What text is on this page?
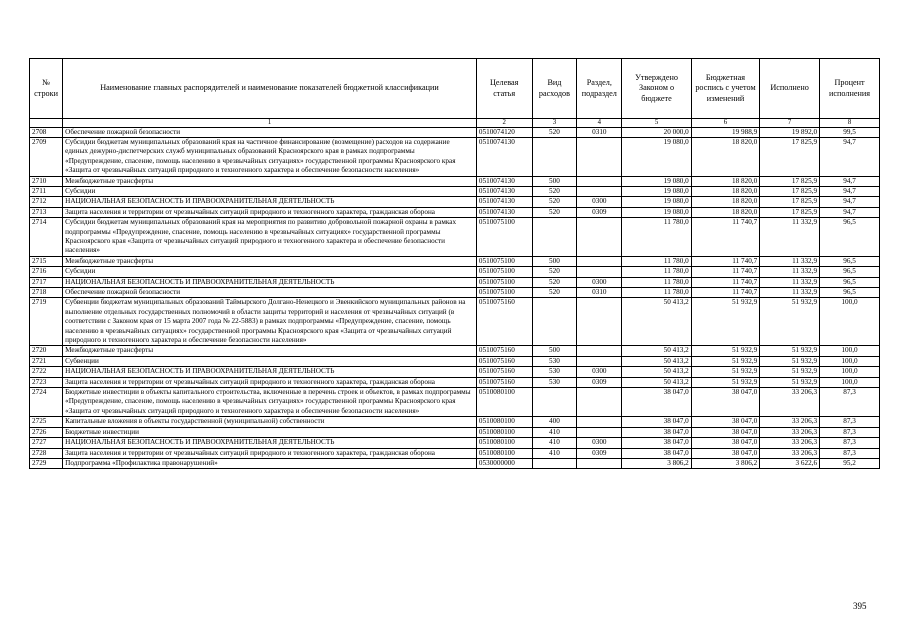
№ строки	Наименование главных распорядителей и наименование показателей бюджетной классификации	Целевая статья	Вид расходов	Раздел, подраздел	Утверждено Законом о бюджете	Бюджетная роспись с учетом изменений	Исполнено	Процент исполнения
	1	2	3	4	5	6	7	8
2708	Обеспечение пожарной безопасности	0510074120	520	0310	20 000,0	19 988,9	19 892,0	99,5
2709	Субсидии бюджетам муниципальных образований края на частичное финансирование (возмещение) расходов на содержание единых дежурно-диспетчерских служб муниципальных образований Красноярского края в рамках подпрограммы «Предупреждение, спасение, помощь населению в чрезвычайных ситуациях» государственной программы Красноярского края «Защита от чрезвычайных ситуаций природного и техногенного характера и обеспечение безопасности населения»	0510074130			19 080,0	18 820,0	17 825,9	94,7
2710	Межбюджетные трансферты	0510074130	500		19 080,0	18 820,0	17 825,9	94,7
2711	Субсидии	0510074130	520		19 080,0	18 820,0	17 825,9	94,7
2712	НАЦИОНАЛЬНАЯ БЕЗОПАСНОСТЬ И ПРАВООХРАНИТЕЛЬНАЯ ДЕЯТЕЛЬНОСТЬ	0510074130	520	0300	19 080,0	18 820,0	17 825,9	94,7
2713	Защита населения и территории от чрезвычайных ситуаций природного и техногенного характера, гражданская оборона	0510074130	520	0309	19 080,0	18 820,0	17 825,9	94,7
2714	Субсидии бюджетам муниципальных образований края на мероприятия по развитию добровольной пожарной охраны в рамках подпрограммы «Предупреждение, спасение, помощь населению в чрезвычайных ситуациях» государственной программы Красноярского края «Защита от чрезвычайных ситуаций природного и техногенного характера и обеспечение безопасности населения»	0510075100			11 780,0	11 740,7	11 332,9	96,5
2715	Межбюджетные трансферты	0510075100	500		11 780,0	11 740,7	11 332,9	96,5
2716	Субсидии	0510075100	520		11 780,0	11 740,7	11 332,9	96,5
2717	НАЦИОНАЛЬНАЯ БЕЗОПАСНОСТЬ И ПРАВООХРАНИТЕЛЬНАЯ ДЕЯТЕЛЬНОСТЬ	0510075100	520	0300	11 780,0	11 740,7	11 332,9	96,5
2718	Обеспечение пожарной безопасности	0510075100	520	0310	11 780,0	11 740,7	11 332,9	96,5
2719	Субвенции бюджетам муниципальных образований Таймырского Долгано-Ненецкого и Эвенкийского муниципальных районов на выполнение отдельных государственных полномочий в области защиты территорий и населения от чрезвычайных ситуаций (в соответствии с Законом края от 15 марта 2007 года № 22-5883) в рамках подпрограммы «Предупреждение, спасение, помощь населению в чрезвычайных ситуациях» государственной программы Красноярского края «Защита от чрезвычайных ситуаций природного и техногенного характера и обеспечение безопасности населения»	0510075160			50 413,2	51 932,9	51 932,9	100,0
2720	Межбюджетные трансферты	0510075160	500		50 413,2	51 932,9	51 932,9	100,0
2721	Субвенции	0510075160	530		50 413,2	51 932,9	51 932,9	100,0
2722	НАЦИОНАЛЬНАЯ БЕЗОПАСНОСТЬ И ПРАВООХРАНИТЕЛЬНАЯ ДЕЯТЕЛЬНОСТЬ	0510075160	530	0300	50 413,2	51 932,9	51 932,9	100,0
2723	Защита населения и территории от чрезвычайных ситуаций природного и техногенного характера, гражданская оборона	0510075160	530	0309	50 413,2	51 932,9	51 932,9	100,0
2724	Бюджетные инвестиции в объекты капитального строительства, включенные в перечень строек и объектов, в рамках подпрограммы «Предупреждение, спасение, помощь населению в чрезвычайных ситуациях» государственной программы Красноярского края «Защита от чрезвычайных ситуаций природного и техногенного характера и обеспечение безопасности населения»	0510080100			38 047,0	38 047,0	33 206,3	87,3
2725	Капитальные вложения в объекты государственной (муниципальной) собственности	0510080100	400		38 047,0	38 047,0	33 206,3	87,3
2726	Бюджетные инвестиции	0510080100	410		38 047,0	38 047,0	33 206,3	87,3
2727	НАЦИОНАЛЬНАЯ БЕЗОПАСНОСТЬ И ПРАВООХРАНИТЕЛЬНАЯ ДЕЯТЕЛЬНОСТЬ	0510080100	410	0300	38 047,0	38 047,0	33 206,3	87,3
2728	Защита населения и территории от чрезвычайных ситуаций природного и техногенного характера, гражданская оборона	0510080100	410	0309	38 047,0	38 047,0	33 206,3	87,3
2729	Подпрограмма «Профилактика правонарушений»	0530000000			3 806,2	3 806,2	3 622,6	95,2
395
